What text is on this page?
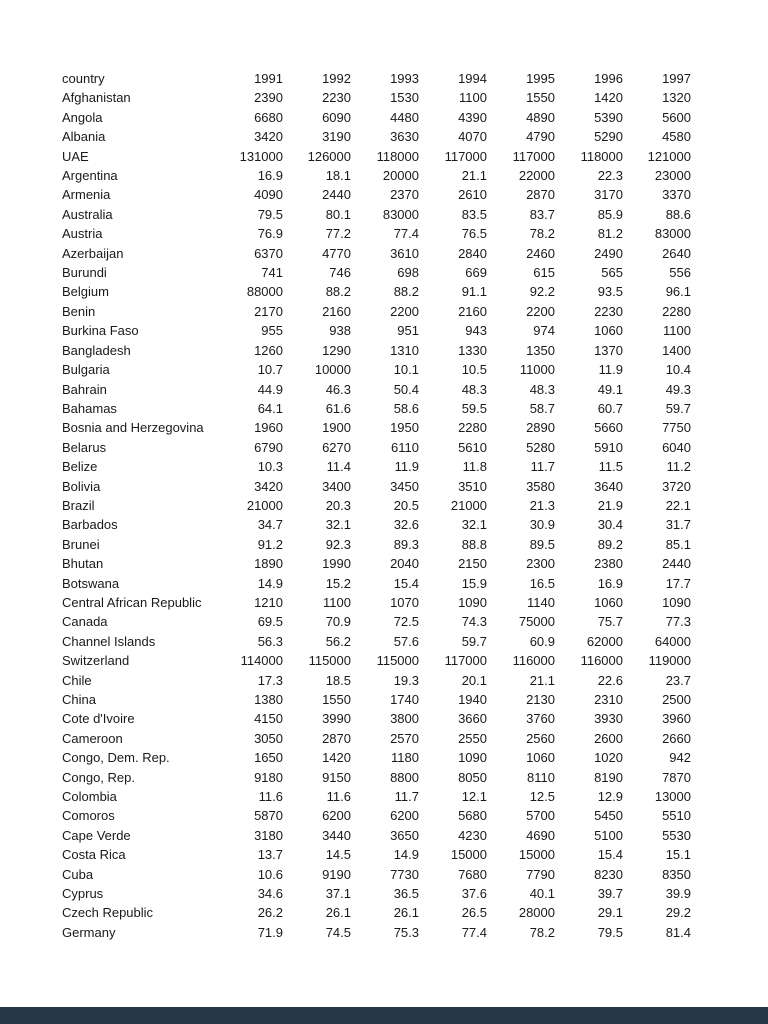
country	1991	1992	1993	1994	1995	1996	1997
Afghanistan	2390	2230	1530	1100	1550	1420	1320
Angola	6680	6090	4480	4390	4890	5390	5600
Albania	3420	3190	3630	4070	4790	5290	4580
UAE	131000	126000	118000	117000	117000	118000	121000
Argentina	16.9	18.1	20000	21.1	22000	22.3	23000
Armenia	4090	2440	2370	2610	2870	3170	3370
Australia	79.5	80.1	83000	83.5	83.7	85.9	88.6
Austria	76.9	77.2	77.4	76.5	78.2	81.2	83000
Azerbaijan	6370	4770	3610	2840	2460	2490	2640
Burundi	741	746	698	669	615	565	556
Belgium	88000	88.2	88.2	91.1	92.2	93.5	96.1
Benin	2170	2160	2200	2160	2200	2230	2280
Burkina Faso	955	938	951	943	974	1060	1100
Bangladesh	1260	1290	1310	1330	1350	1370	1400
Bulgaria	10.7	10000	10.1	10.5	11000	11.9	10.4
Bahrain	44.9	46.3	50.4	48.3	48.3	49.1	49.3
Bahamas	64.1	61.6	58.6	59.5	58.7	60.7	59.7
Bosnia and Herzegovina	1960	1900	1950	2280	2890	5660	7750
Belarus	6790	6270	6110	5610	5280	5910	6040
Belize	10.3	11.4	11.9	11.8	11.7	11.5	11.2
Bolivia	3420	3400	3450	3510	3580	3640	3720
Brazil	21000	20.3	20.5	21000	21.3	21.9	22.1
Barbados	34.7	32.1	32.6	32.1	30.9	30.4	31.7
Brunei	91.2	92.3	89.3	88.8	89.5	89.2	85.1
Bhutan	1890	1990	2040	2150	2300	2380	2440
Botswana	14.9	15.2	15.4	15.9	16.5	16.9	17.7
Central African Republic	1210	1100	1070	1090	1140	1060	1090
Canada	69.5	70.9	72.5	74.3	75000	75.7	77.3
Channel Islands	56.3	56.2	57.6	59.7	60.9	62000	64000
Switzerland	114000	115000	115000	117000	116000	116000	119000
Chile	17.3	18.5	19.3	20.1	21.1	22.6	23.7
China	1380	1550	1740	1940	2130	2310	2500
Cote d'Ivoire	4150	3990	3800	3660	3760	3930	3960
Cameroon	3050	2870	2570	2550	2560	2600	2660
Congo, Dem. Rep.	1650	1420	1180	1090	1060	1020	942
Congo, Rep.	9180	9150	8800	8050	8110	8190	7870
Colombia	11.6	11.6	11.7	12.1	12.5	12.9	13000
Comoros	5870	6200	6200	5680	5700	5450	5510
Cape Verde	3180	3440	3650	4230	4690	5100	5530
Costa Rica	13.7	14.5	14.9	15000	15000	15.4	15.1
Cuba	10.6	9190	7730	7680	7790	8230	8350
Cyprus	34.6	37.1	36.5	37.6	40.1	39.7	39.9
Czech Republic	26.2	26.1	26.1	26.5	28000	29.1	29.2
Germany	71.9	74.5	75.3	77.4	78.2	79.5	81.4
